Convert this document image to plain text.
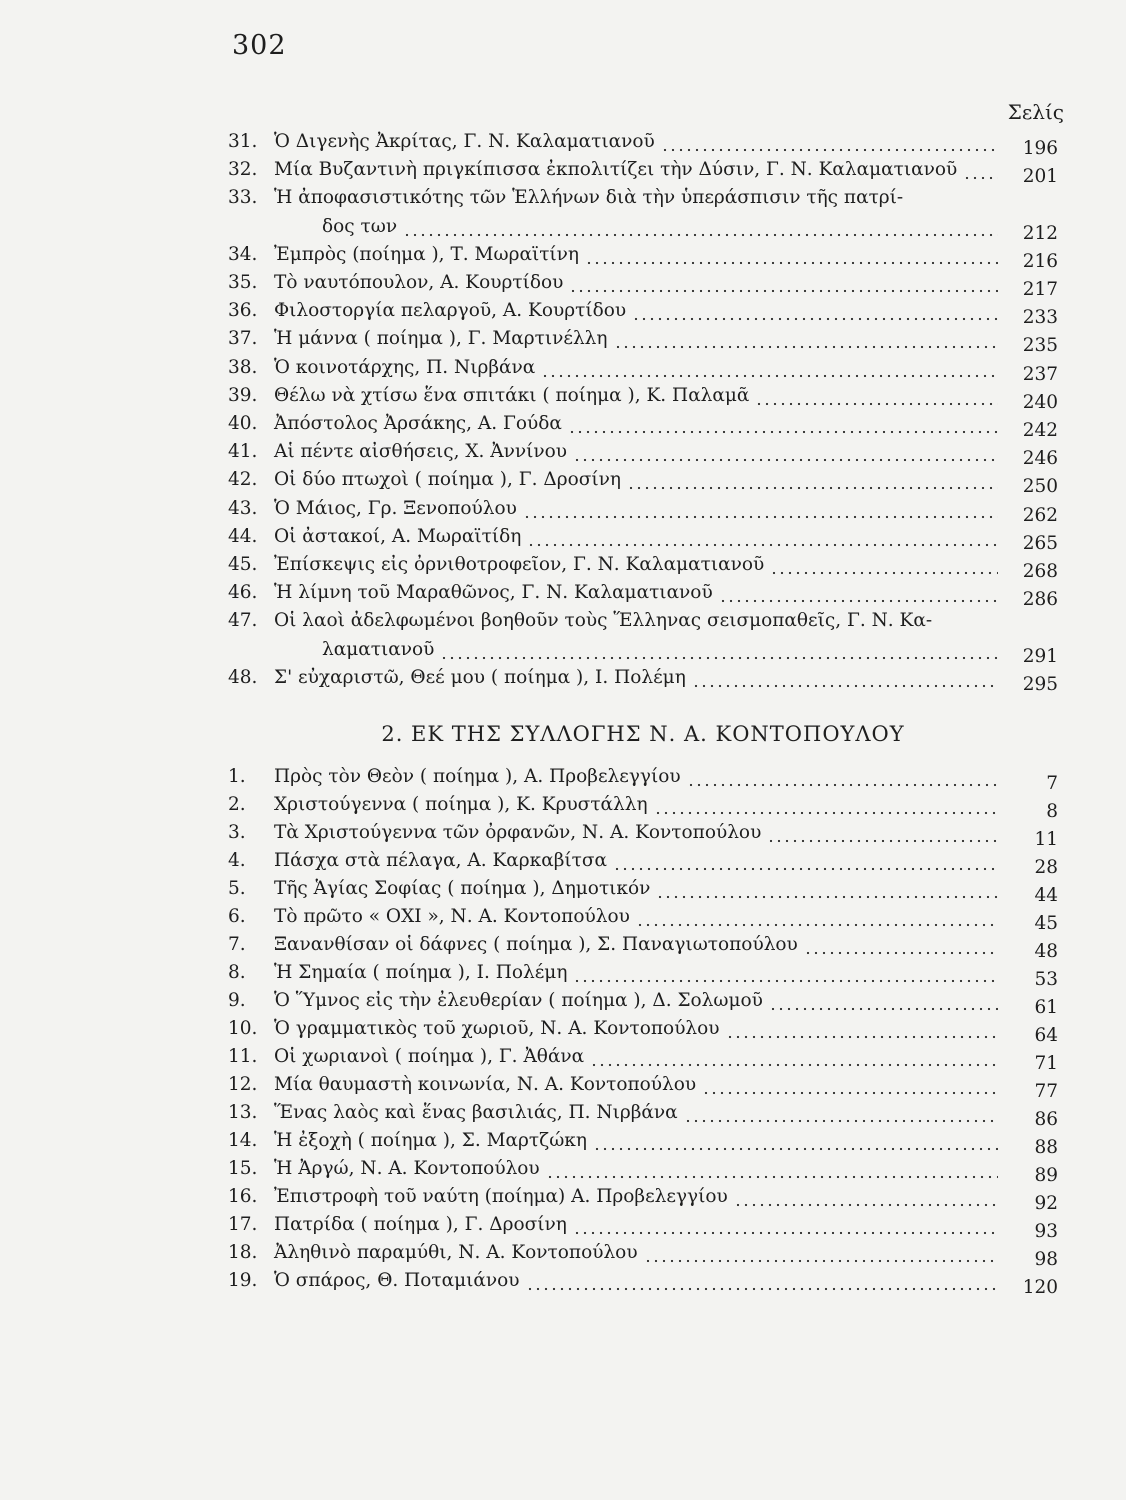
302
Σελίς
31. Ὁ Διγενὴς Ἀκρίτας, Γ. Ν. Καλαματιανοῦ	196
32. Μία Βυζαντινὴ πριγκίπισσα ἐκπολιτίζει τὴν Δύσιν, Γ. Ν. Καλαματιανοῦ	201
33. Ἡ ἀποφασιστικότης τῶν Ἑλλήνων διὰ τὴν ὑπεράσπισιν τῆς πατρί-
δος των	212
34. Ἐμπρὸς (ποίημα ), Τ. Μωραϊτίνη	216
35. Τὸ ναυτόπουλον, Α. Κουρτίδου	217
36. Φιλοστοργία πελαργοῦ, Α. Κουρτίδου	233
37. Ἡ μάννα ( ποίημα ), Γ. Μαρτινέλλη	235
38. Ὁ κοινοτάρχης, Π. Νιρβάνα	237
39. Θέλω νὰ χτίσω ἕνα σπιτάκι ( ποίημα ), Κ. Παλαμᾶ	240
40. Ἀπόστολος Ἀρσάκης, Α. Γούδα	242
41. Αἱ πέντε αἰσθήσεις, Χ. Ἀννίνου	246
42. Οἱ δύο πτωχοὶ ( ποίημα ), Γ. Δροσίνη	250
43. Ὁ Μάιος, Γρ. Ξενοπούλου	262
44. Οἱ ἀστακοί, Α. Μωραϊτίδη	265
45. Ἐπίσκεψις εἰς ὀρνιθοτροφεῖον, Γ. Ν. Καλαματιανοῦ	268
46. Ἡ λίμνη τοῦ Μαραθῶνος, Γ. Ν. Καλαματιανοῦ	286
47. Οἱ λαοὶ ἀδελφωμένοι βοηθοῦν τοὺς Ἕλληνας σεισμοπαθεῖς, Γ. Ν. Κα-
λαματιανοῦ	291
48. Σ' εὐχαριστῶ, Θεέ μου ( ποίημα ), Ι. Πολέμη	295
1. Πρὸς τὸν Θεὸν ( ποίημα ), Α. Προβελεγγίου	7
2. Χριστούγεννα ( ποίημα ), Κ. Κρυστάλλη	8
3. Τὰ Χριστούγεννα τῶν ὀρφανῶν, Ν. Α. Κοντοπούλου	11
4. Πάσχα στὰ πέλαγα, Α. Καρκαβίτσα	28
5. Τῆς Ἁγίας Σοφίας ( ποίημα ), Δημοτικόν	44
6. Τὸ πρῶτο « ΟΧΙ », Ν. Α. Κοντοπούλου	45
7. Ξανανθίσαν οἱ δάφνες ( ποίημα ), Σ. Παναγιωτοπούλου	48
8. Ἡ Σημαία ( ποίημα ), Ι. Πολέμη	53
9. Ὁ Ὕμνος εἰς τὴν ἐλευθερίαν ( ποίημα ), Δ. Σολωμοῦ	61
10. Ὁ γραμματικὸς τοῦ χωριοῦ, Ν. Α. Κοντοπούλου	64
11. Οἱ χωριανοὶ ( ποίημα ), Γ. Ἀθάνα	71
12. Μία θαυμαστὴ κοινωνία, Ν. Α. Κοντοπούλου	77
13. Ἕνας λαὸς καὶ ἕνας βασιλιάς, Π. Νιρβάνα	86
14. Ἡ ἐξοχὴ ( ποίημα ), Σ. Μαρτζώκη	88
15. Ἡ Ἀργώ, Ν. Α. Κοντοπούλου	89
16. Ἐπιστροφὴ τοῦ ναύτη (ποίημα) Α. Προβελεγγίου	92
17. Πατρίδα ( ποίημα ), Γ. Δροσίνη	93
18. Ἀληθινὸ παραμύθι, Ν. Α. Κοντοπούλου	98
19. Ὁ σπάρος, Θ. Ποταμιάνου	120
2. ΕΚ ΤΗΣ ΣΥΛΛΟΓΗΣ Ν. Α. ΚΟΝΤΟΠΟΥΛΟΥ
